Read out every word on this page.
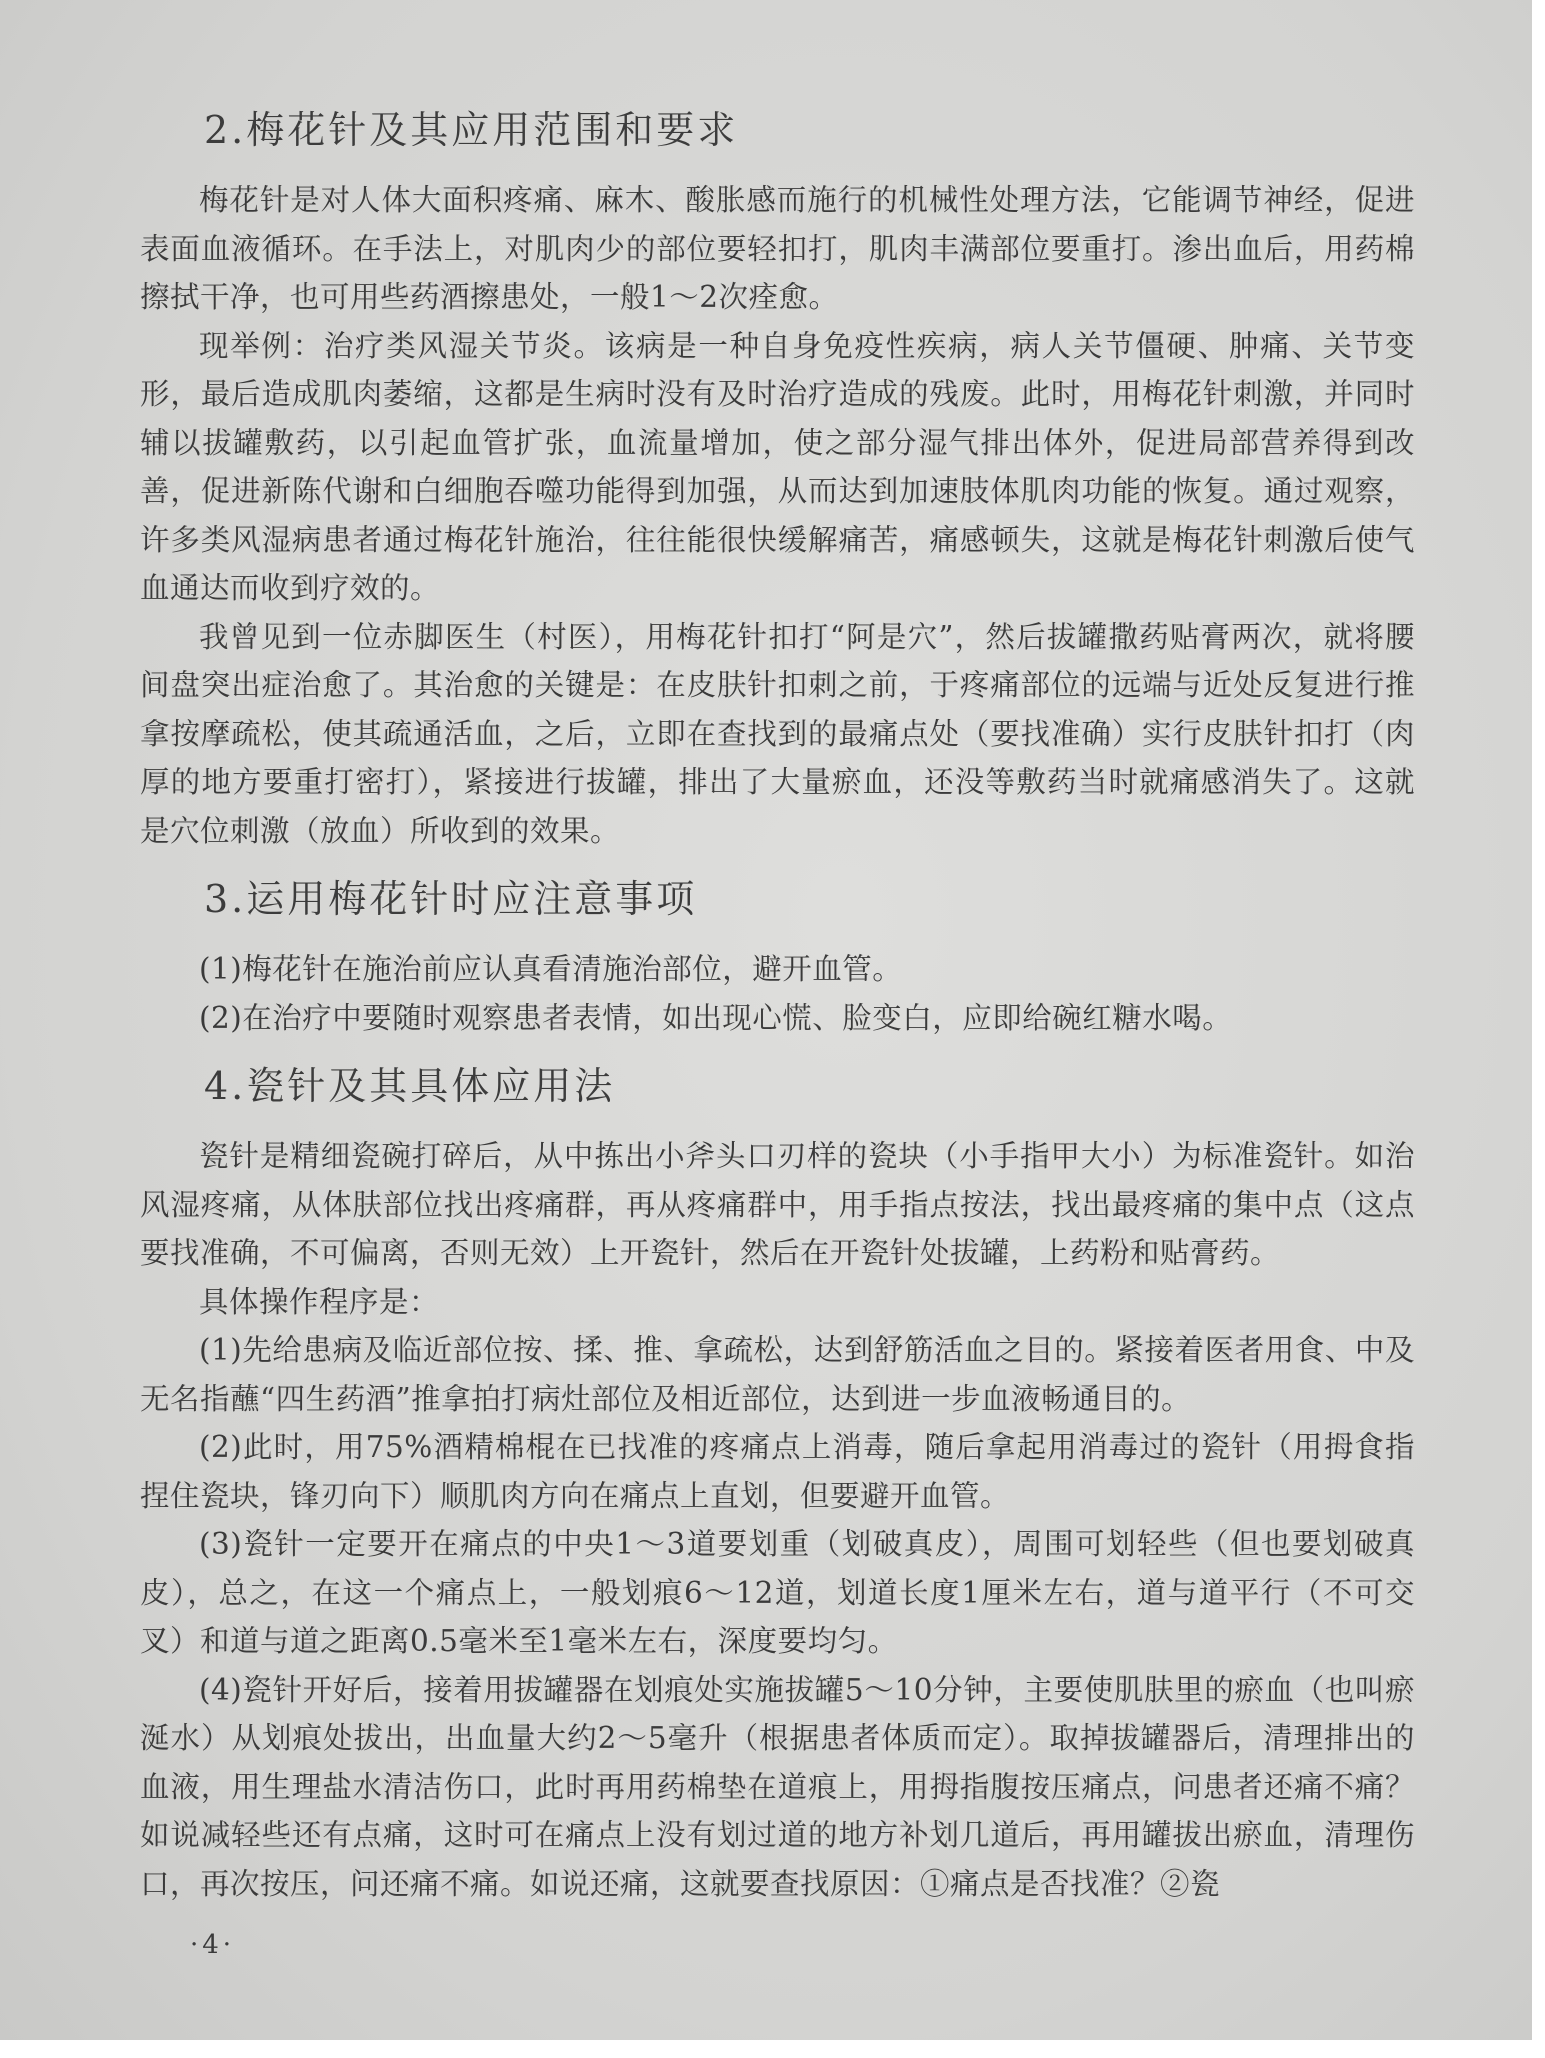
2.梅花针及其应用范围和要求

梅花针是对人体大面积疼痛、麻木、酸胀感而施行的机械性处理方法，它能调节神经，促进表面血液循环。在手法上，对肌肉少的部位要轻扣打，肌肉丰满部位要重打。渗出血后，用药棉擦拭干净，也可用些药酒擦患处，一般1～2次痊愈。

现举例：治疗类风湿关节炎。该病是一种自身免疫性疾病，病人关节僵硬、肿痛、关节变形，最后造成肌肉萎缩，这都是生病时没有及时治疗造成的残废。此时，用梅花针刺激，并同时辅以拔罐敷药，以引起血管扩张，血流量增加，使之部分湿气排出体外，促进局部营养得到改善，促进新陈代谢和白细胞吞噬功能得到加强，从而达到加速肢体肌肉功能的恢复。通过观察，许多类风湿病患者通过梅花针施治，往往能很快缓解痛苦，痛感顿失，这就是梅花针刺激后使气血通达而收到疗效的。

我曾见到一位赤脚医生（村医），用梅花针扣打“阿是穴”，然后拔罐撒药贴膏两次，就将腰间盘突出症治愈了。其治愈的关键是：在皮肤针扣刺之前，于疼痛部位的远端与近处反复进行推拿按摩疏松，使其疏通活血，之后，立即在查找到的最痛点处（要找准确）实行皮肤针扣打（肉厚的地方要重打密打），紧接进行拔罐，排出了大量瘀血，还没等敷药当时就痛感消失了。这就是穴位刺激（放血）所收到的效果。

3.运用梅花针时应注意事项

(1)梅花针在施治前应认真看清施治部位，避开血管。

(2)在治疗中要随时观察患者表情，如出现心慌、脸变白，应即给碗红糖水喝。

4.瓷针及其具体应用法

瓷针是精细瓷碗打碎后，从中拣出小斧头口刃样的瓷块（小手指甲大小）为标准瓷针。如治风湿疼痛，从体肤部位找出疼痛群，再从疼痛群中，用手指点按法，找出最疼痛的集中点（这点要找准确，不可偏离，否则无效）上开瓷针，然后在开瓷针处拔罐，上药粉和贴膏药。

具体操作程序是：

(1)先给患病及临近部位按、揉、推、拿疏松，达到舒筋活血之目的。紧接着医者用食、中及无名指蘸“四生药酒”推拿拍打病灶部位及相近部位，达到进一步血液畅通目的。

(2)此时，用75%酒精棉棍在已找准的疼痛点上消毒，随后拿起用消毒过的瓷针（用拇食指捏住瓷块，锋刃向下）顺肌肉方向在痛点上直划，但要避开血管。

(3)瓷针一定要开在痛点的中央1～3道要划重（划破真皮），周围可划轻些（但也要划破真皮），总之，在这一个痛点上，一般划痕6～12道，划道长度1厘米左右，道与道平行（不可交叉）和道与道之距离0.5毫米至1毫米左右，深度要均匀。

(4)瓷针开好后，接着用拔罐器在划痕处实施拔罐5～10分钟，主要使肌肤里的瘀血（也叫瘀涎水）从划痕处拔出，出血量大约2～5毫升（根据患者体质而定）。取掉拔罐器后，清理排出的血液，用生理盐水清洁伤口，此时再用药棉垫在道痕上，用拇指腹按压痛点，问患者还痛不痛？如说减轻些还有点痛，这时可在痛点上没有划过道的地方补划几道后，再用罐拔出瘀血，清理伤口，再次按压，问还痛不痛。如说还痛，这就要查找原因：①痛点是否找准？②瓷

·4·
